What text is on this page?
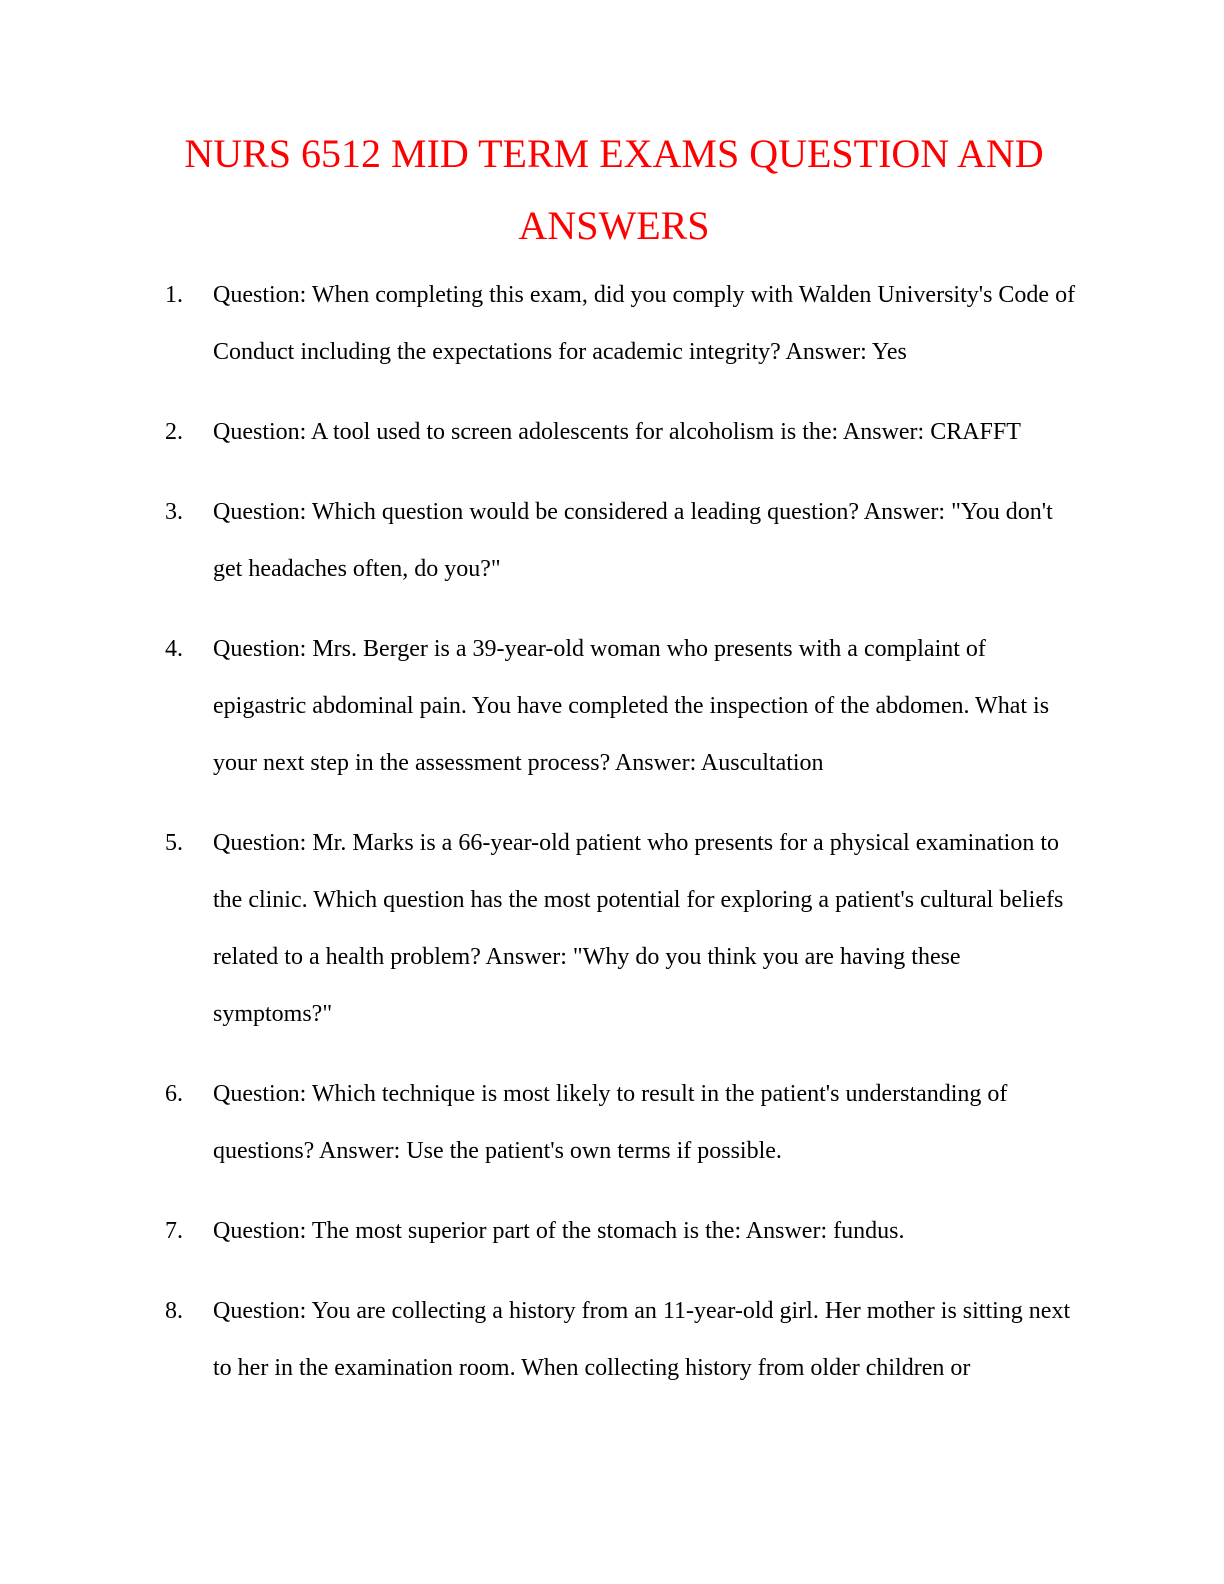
NURS 6512 MID TERM EXAMS QUESTION AND ANSWERS
1.	Question: When completing this exam, did you comply with Walden University's Code of Conduct including the expectations for academic integrity? Answer: Yes
2.	Question: A tool used to screen adolescents for alcoholism is the: Answer: CRAFFT
3.	Question: Which question would be considered a leading question? Answer: "You don't get headaches often, do you?"
4.	Question: Mrs. Berger is a 39-year-old woman who presents with a complaint of epigastric abdominal pain. You have completed the inspection of the abdomen. What is your next step in the assessment process? Answer: Auscultation
5.	Question: Mr. Marks is a 66-year-old patient who presents for a physical examination to the clinic. Which question has the most potential for exploring a patient's cultural beliefs related to a health problem? Answer: "Why do you think you are having these symptoms?"
6.	Question: Which technique is most likely to result in the patient's understanding of questions? Answer: Use the patient's own terms if possible.
7.	Question: The most superior part of the stomach is the: Answer: fundus.
8.	Question: You are collecting a history from an 11-year-old girl. Her mother is sitting next to her in the examination room. When collecting history from older children or
